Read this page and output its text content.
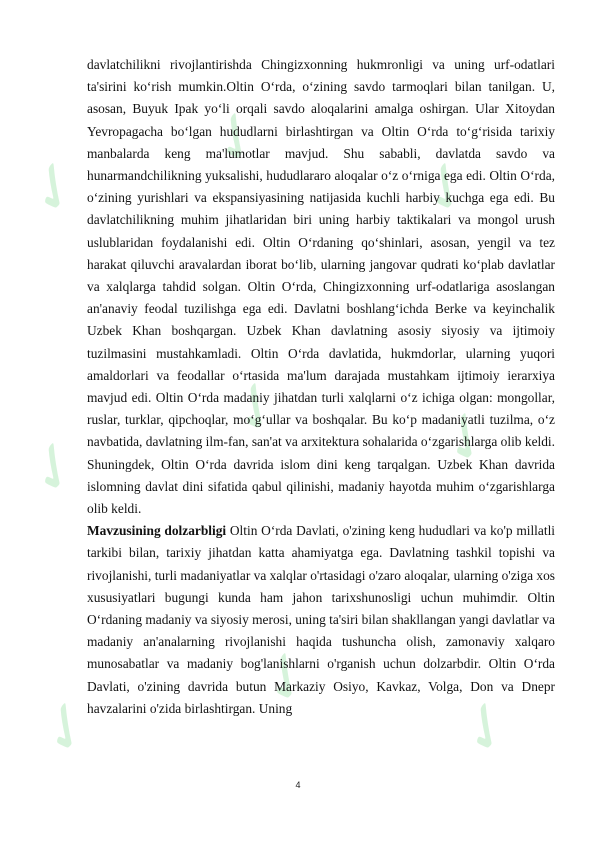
✓
✓
✓
✓
✓ ✓
✓
✓
✓

davlatchilikni rivojlantirishda Chingizxonning hukmronligi va uning urf-odatlari ta'sirini ko‘rish mumkin.Oltin O‘rda, o‘zining savdo tarmoqlari bilan tanilgan. U, asosan, Buyuk Ipak yo‘li orqali savdo aloqalarini amalga oshirgan. Ular Xitoydan Yevropagacha bo‘lgan hududlarni birlashtirgan va Oltin O‘rda to‘g‘risida tarixiy manbalarda keng ma'lumotlar mavjud. Shu sababli, davlatda savdo va hunarmandchilikning yuksalishi, hududlararo aloqalar o‘z o‘rniga ega edi. Oltin O‘rda, o‘zining yurishlari va ekspansiyasining natijasida kuchli harbiy kuchga ega edi. Bu davlatchilikning muhim jihatlaridan biri uning harbiy taktikalari va mongol urush uslublaridan foydalanishi edi. Oltin O‘rdaning qo‘shinlari, asosan, yengil va tez harakat qiluvchi aravalardan iborat bo‘lib, ularning jangovar qudrati ko‘plab davlatlar va xalqlarga tahdid solgan. Oltin O‘rda, Chingizxonning urf-odatlariga asoslangan an'anaviy feodal tuzilishga ega edi. Davlatni boshlang‘ichda Berke va keyinchalik Uzbek Khan boshqargan. Uzbek Khan davlatning asosiy siyosiy va ijtimoiy tuzilmasini mustahkamladi. Oltin O‘rda davlatida, hukmdorlar, ularning yuqori amaldorlari va feodallar o‘rtasida ma'lum darajada mustahkam ijtimoiy ierarxiya mavjud edi. Oltin O‘rda madaniy jihatdan turli xalqlarni o‘z ichiga olgan: mongollar, ruslar, turklar, qipchoqlar, mo‘g‘ullar va boshqalar. Bu ko‘p madaniyatli tuzilma, o‘z navbatida, davlatning ilm-fan, san'at va arxitektura sohalarida o‘zgarishlarga olib keldi. Shuningdek, Oltin O‘rda davrida islom dini keng tarqalgan. Uzbek Khan davrida islomning davlat dini sifatida qabul qilinishi, madaniy hayotda muhim o‘zgarishlarga olib keldi.

Mavzusining dolzarbligi Oltin O‘rda Davlati, o'zining keng hududlari va ko'p millatli tarkibi bilan, tarixiy jihatdan katta ahamiyatga ega. Davlatning tashkil topishi va rivojlanishi, turli madaniyatlar va xalqlar o'rtasidagi o'zaro aloqalar, ularning o'ziga xos xususiyatlari bugungi kunda ham jahon tarixshunosligi uchun muhimdir. Oltin O‘rdaning madaniy va siyosiy merosi, uning ta'siri bilan shakllangan yangi davlatlar va madaniy an'analarning rivojlanishi haqida tushuncha olish, zamonaviy xalqaro munosabatlar va madaniy bog'lanishlarni o'rganish uchun dolzarbdir. Oltin O‘rda Davlati, o'zining davrida butun Markaziy Osiyo, Kavkaz, Volga, Don va Dnepr havzalarini o'zida birlashtirgan. Uning

4
